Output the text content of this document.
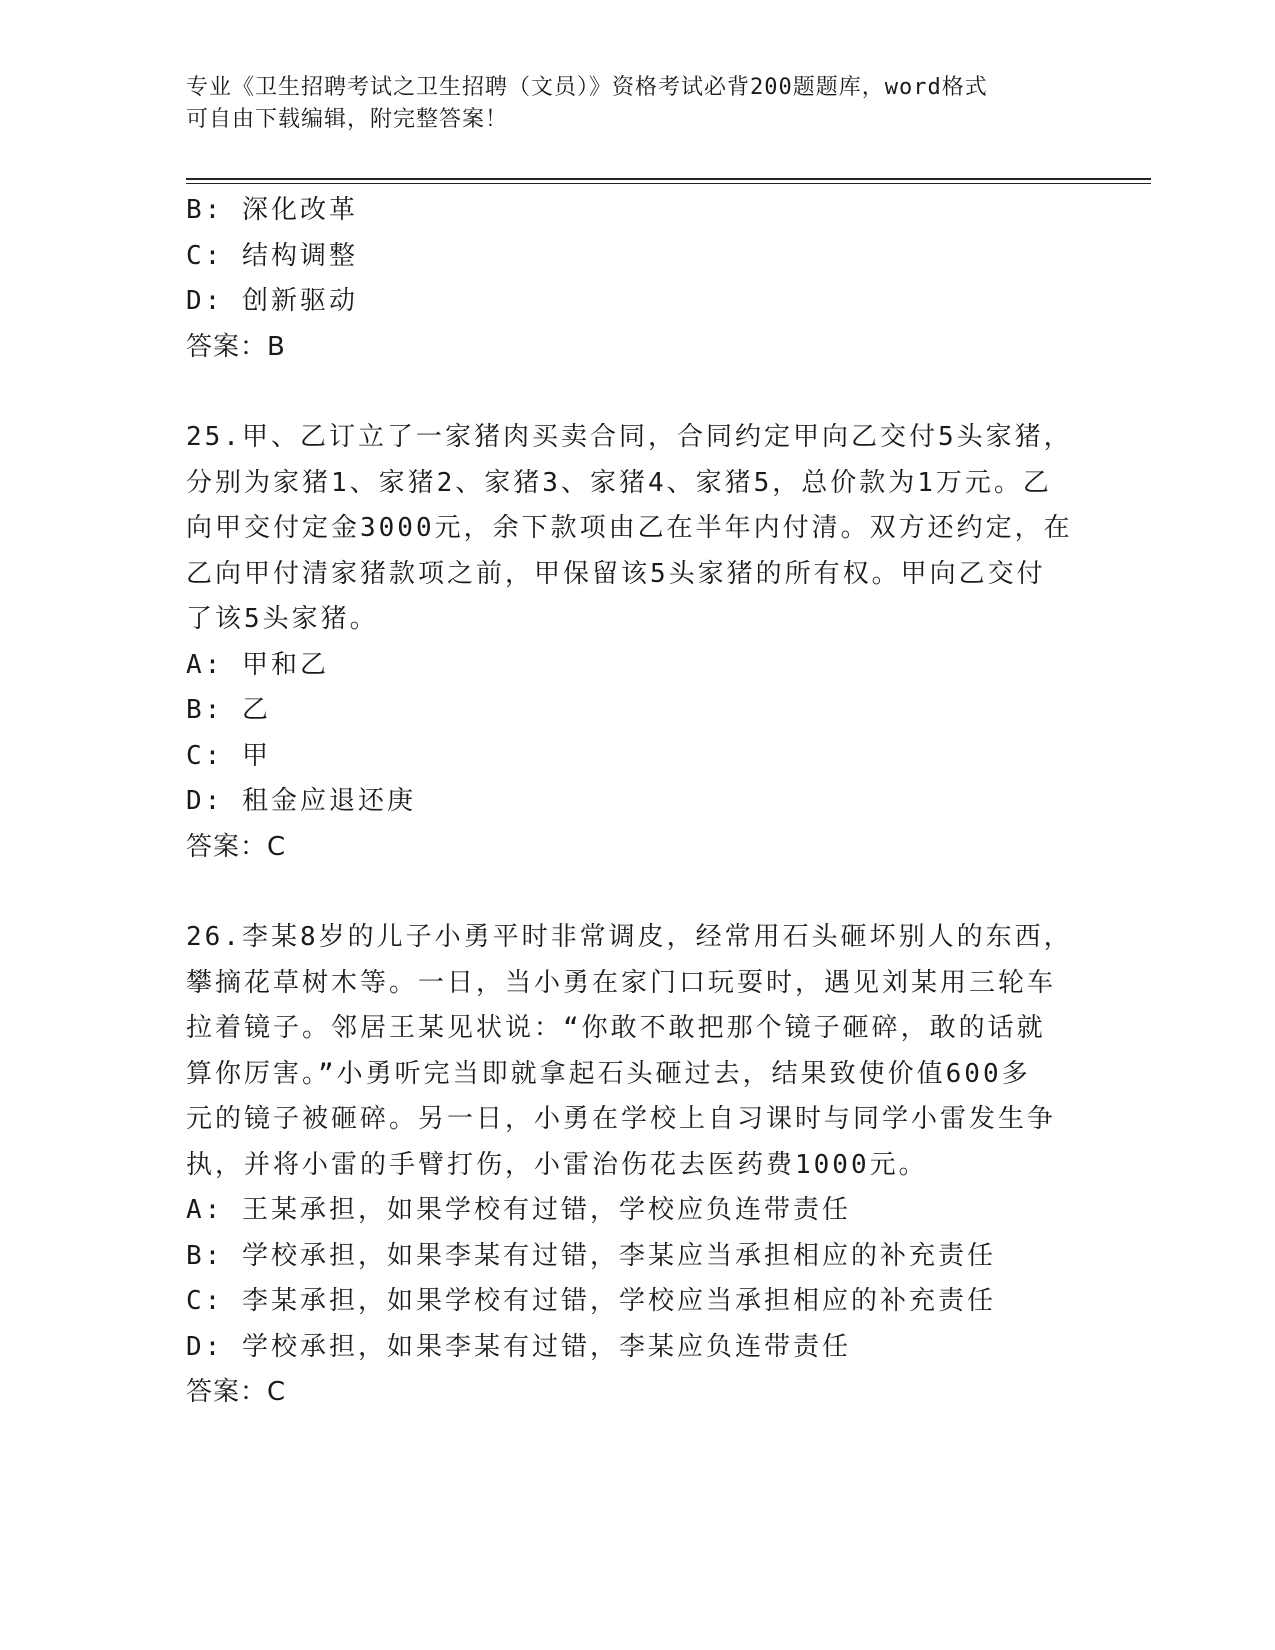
专业《卫生招聘考试之卫生招聘（文员）》资格考试必背200题题库，word格式
可自由下载编辑，附完整答案！
B: 深化改革
C: 结构调整
D: 创新驱动
答案：B
25.甲、乙订立了一家猪肉买卖合同，合同约定甲向乙交付5头家猪，
分别为家猪1、家猪2、家猪3、家猪4、家猪5，总价款为1万元。乙
向甲交付定金3000元，余下款项由乙在半年内付清。双方还约定，在
乙向甲付清家猪款项之前，甲保留该5头家猪的所有权。甲向乙交付
了该5头家猪。
A: 甲和乙
B: 乙
C: 甲
D: 租金应退还庚
答案：C
26.李某8岁的儿子小勇平时非常调皮，经常用石头砸坏别人的东西，
攀摘花草树木等。一日，当小勇在家门口玩耍时，遇见刘某用三轮车
拉着镜子。邻居王某见状说：“你敢不敢把那个镜子砸碎，敢的话就
算你厉害。”小勇听完当即就拿起石头砸过去，结果致使价值600多
元的镜子被砸碎。另一日，小勇在学校上自习课时与同学小雷发生争
执，并将小雷的手臂打伤，小雷治伤花去医药费1000元。
A: 王某承担，如果学校有过错，学校应负连带责任
B: 学校承担，如果李某有过错，李某应当承担相应的补充责任
C: 李某承担，如果学校有过错，学校应当承担相应的补充责任
D: 学校承担，如果李某有过错，李某应负连带责任
答案：C
